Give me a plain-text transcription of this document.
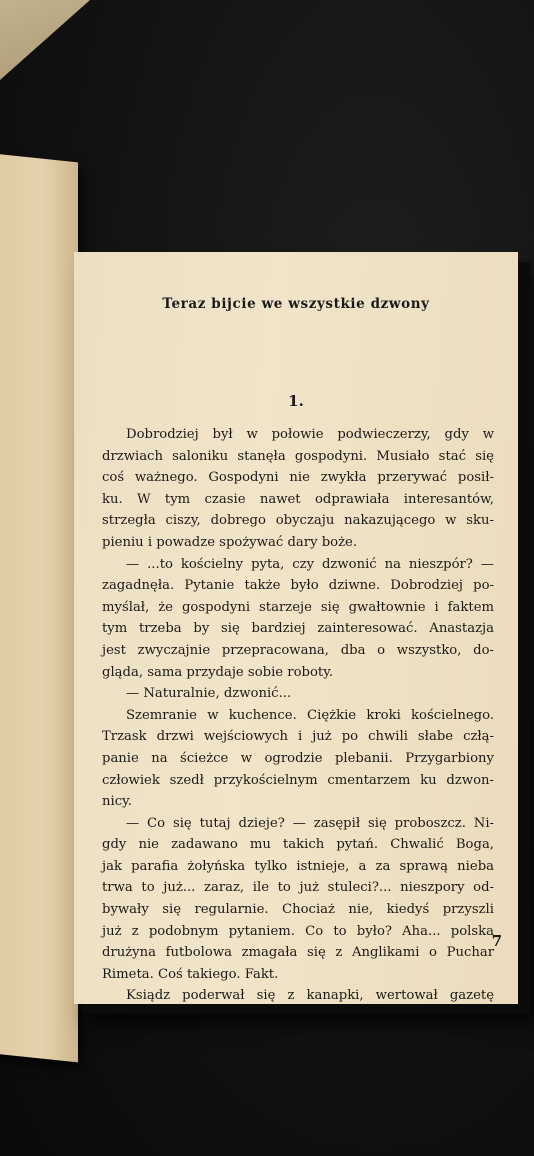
Teraz bijcie we wszystkie dzwony
1.
Dobrodziej był w połowie podwieczerzy, gdy w
drzwiach saloniku stanęła gospodyni. Musiało stać się
coś ważnego. Gospodyni nie zwykła przerywać posił-
ku. W tym czasie nawet odprawiała interesantów,
strzegła ciszy, dobrego obyczaju nakazującego w sku-
pieniu i powadze spożywać dary boże.
— ...to kościelny pyta, czy dzwonić na nieszpór? —
zagadnęła. Pytanie także było dziwne. Dobrodziej po-
myślał, że gospodyni starzeje się gwałtownie i faktem
tym trzeba by się bardziej zainteresować. Anastazja
jest zwyczajnie przepracowana, dba o wszystko, do-
gląda, sama przydaje sobie roboty.
— Naturalnie, dzwonić...
Szemranie w kuchence. Ciężkie kroki kościelnego.
Trzask drzwi wejściowych i już po chwili słabe człą-
panie na ścieżce w ogrodzie plebanii. Przygarbiony
człowiek szedł przykościelnym cmentarzem ku dzwon-
nicy.
— Co się tutaj dzieje? — zasępił się proboszcz. Ni-
gdy nie zadawano mu takich pytań. Chwalić Boga,
jak parafia żołyńska tylko istnieje, a za sprawą nieba
trwa to już... zaraz, ile to już stuleci?... nieszpory od-
bywały się regularnie. Chociaż nie, kiedyś przyszli
już z podobnym pytaniem. Co to było? Aha... polska
drużyna futbolowa zmagała się z Anglikami o Puchar
Rimeta. Coś takiego. Fakt.
Ksiądz poderwał się z kanapki, wertował gazetę
7
